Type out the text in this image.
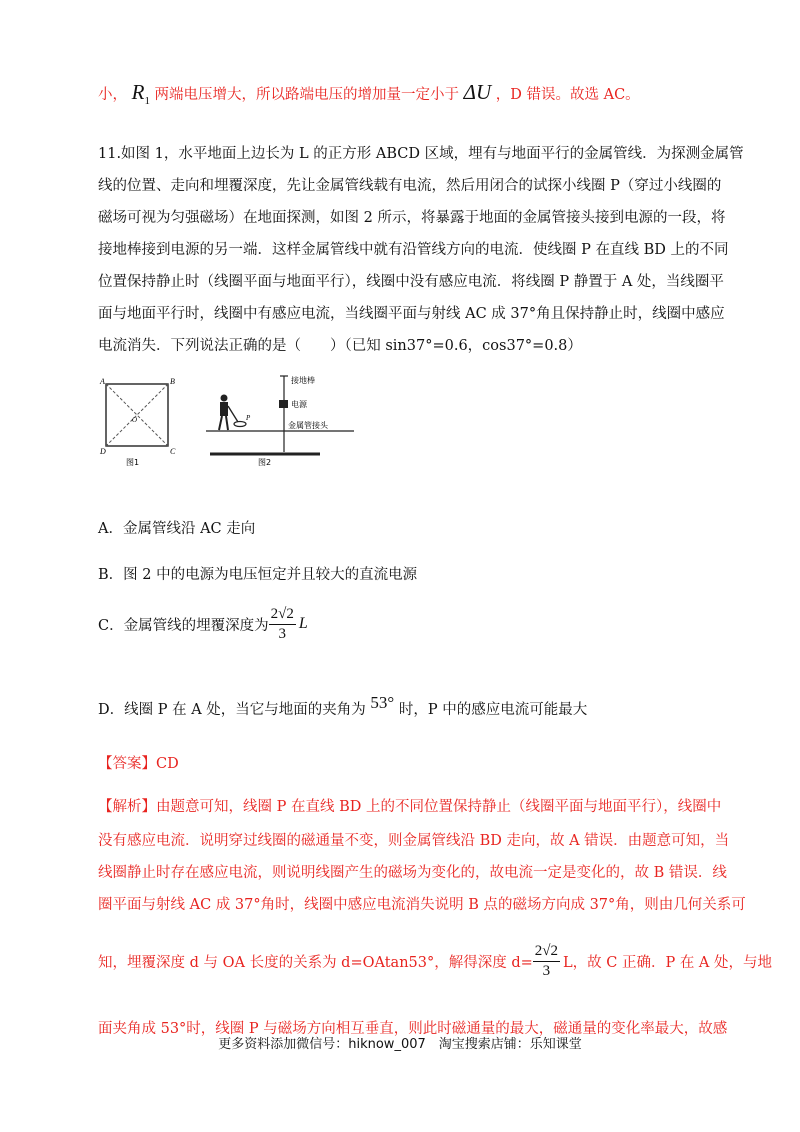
小， $R_1$ 两端电压增大，所以路端电压的增加量一定小于 ΔU ，D 错误。故选 AC。
11.如图 1，水平地面上边长为 L 的正方形 ABCD 区域，埋有与地面平行的金属管线．为探测金属管
线的位置、走向和埋覆深度，先让金属管线载有电流，然后用闭合的试探小线圈 P（穿过小线圈的
磁场可视为匀强磁场）在地面探测，如图 2 所示，将暴露于地面的金属管接头接到电源的一段，将
接地棒接到电源的另一端．这样金属管线中就有沿管线方向的电流．使线圈 P 在直线 BD 上的不同
位置保持静止时（线圈平面与地面平行），线圈中没有感应电流．将线圈 P 静置于 A 处，当线圈平
面与地面平行时，线圈中有感应电流，当线圈平面与射线 AC 成 37°角且保持静止时，线圈中感应
电流消失．下列说法正确的是（　　）（已知 sin37°=0.6，cos37°=0.8）
A	B
C
D
O
图1
P
接地棒
电源
金属管接头
图2
A．金属管线沿 AC 走向
B．图 2 中的电源为电压恒定并且较大的直流电源
C．金属管线的埋覆深度为 $\frac{2√2}{3}$ L
D．线圈 P 在 A 处，当它与地面的夹角为 53° 时，P 中的感应电流可能最大
【答案】CD
【解析】由题意可知，线圈 P 在直线 BD 上的不同位置保持静止（线圈平面与地面平行），线圈中
没有感应电流．说明穿过线圈的磁通量不变，则金属管线沿 BD 走向，故 A 错误．由题意可知，当
线圈静止时存在感应电流，则说明线圈产生的磁场为变化的，故电流一定是变化的，故 B 错误．线
圈平面与射线 AC 成 37°角时，线圈中感应电流消失说明 B 点的磁场方向成 37°角，则由几何关系可
知，埋覆深度 d 与 OA 长度的关系为 d=OAtan53°，解得深度 $d= \frac{2√2}{3}$ L，故 C 正确．P 在 A 处，与地
面夹角成 53°时，线圈 P 与磁场方向相互垂直，则此时磁通量的最大，磁通量的变化率最大，故感
更多资料添加微信号：hiknow_007　淘宝搜索店铺：乐知课堂
